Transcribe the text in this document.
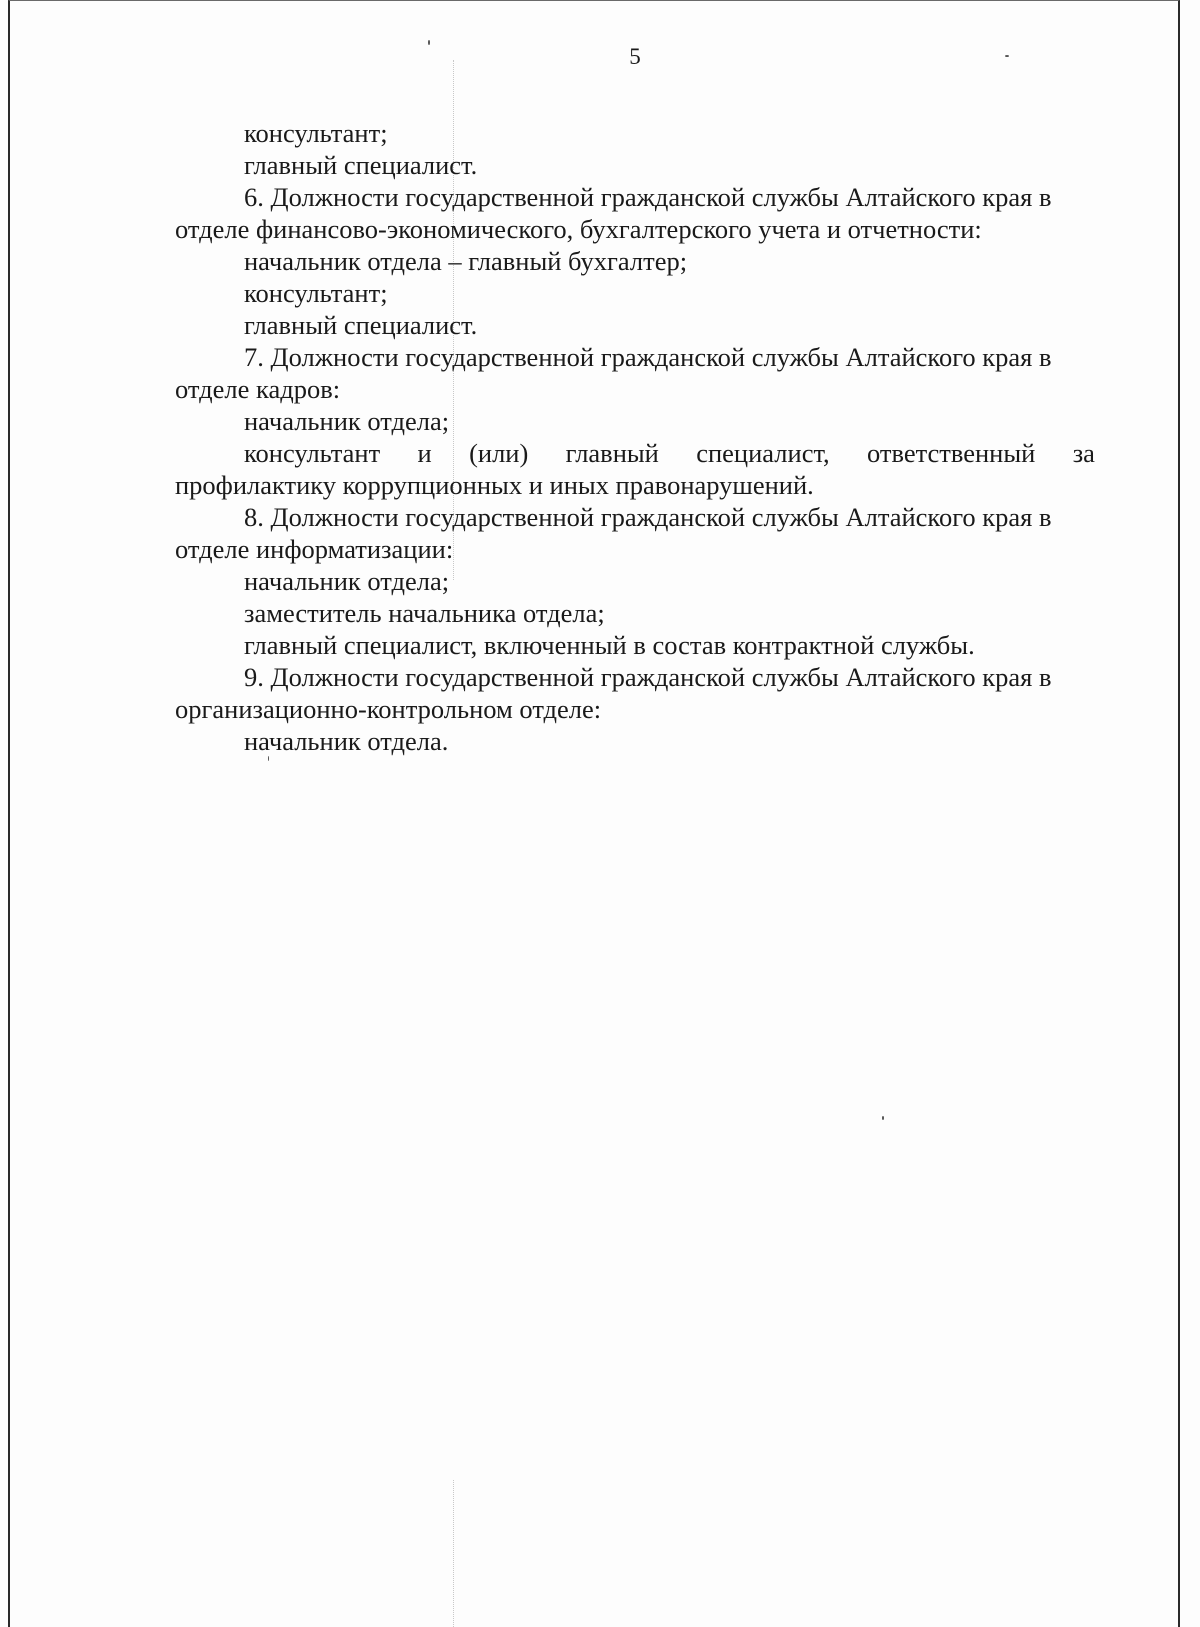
5
консультант;
главный специалист.
6. Должности государственной гражданской службы Алтайского края в
отделе финансово-экономического, бухгалтерского учета и отчетности:
начальник отдела – главный бухгалтер;
консультант;
главный специалист.
7. Должности государственной гражданской службы Алтайского края в
отделе кадров:
начальник отдела;
консультант и (или) главный специалист, ответственный за
профилактику коррупционных и иных правонарушений.
8. Должности государственной гражданской службы Алтайского края в
отделе информатизации:
начальник отдела;
заместитель начальника отдела;
главный специалист, включенный в состав контрактной службы.
9. Должности государственной гражданской службы Алтайского края в
организационно-контрольном отделе:
начальник отдела.
